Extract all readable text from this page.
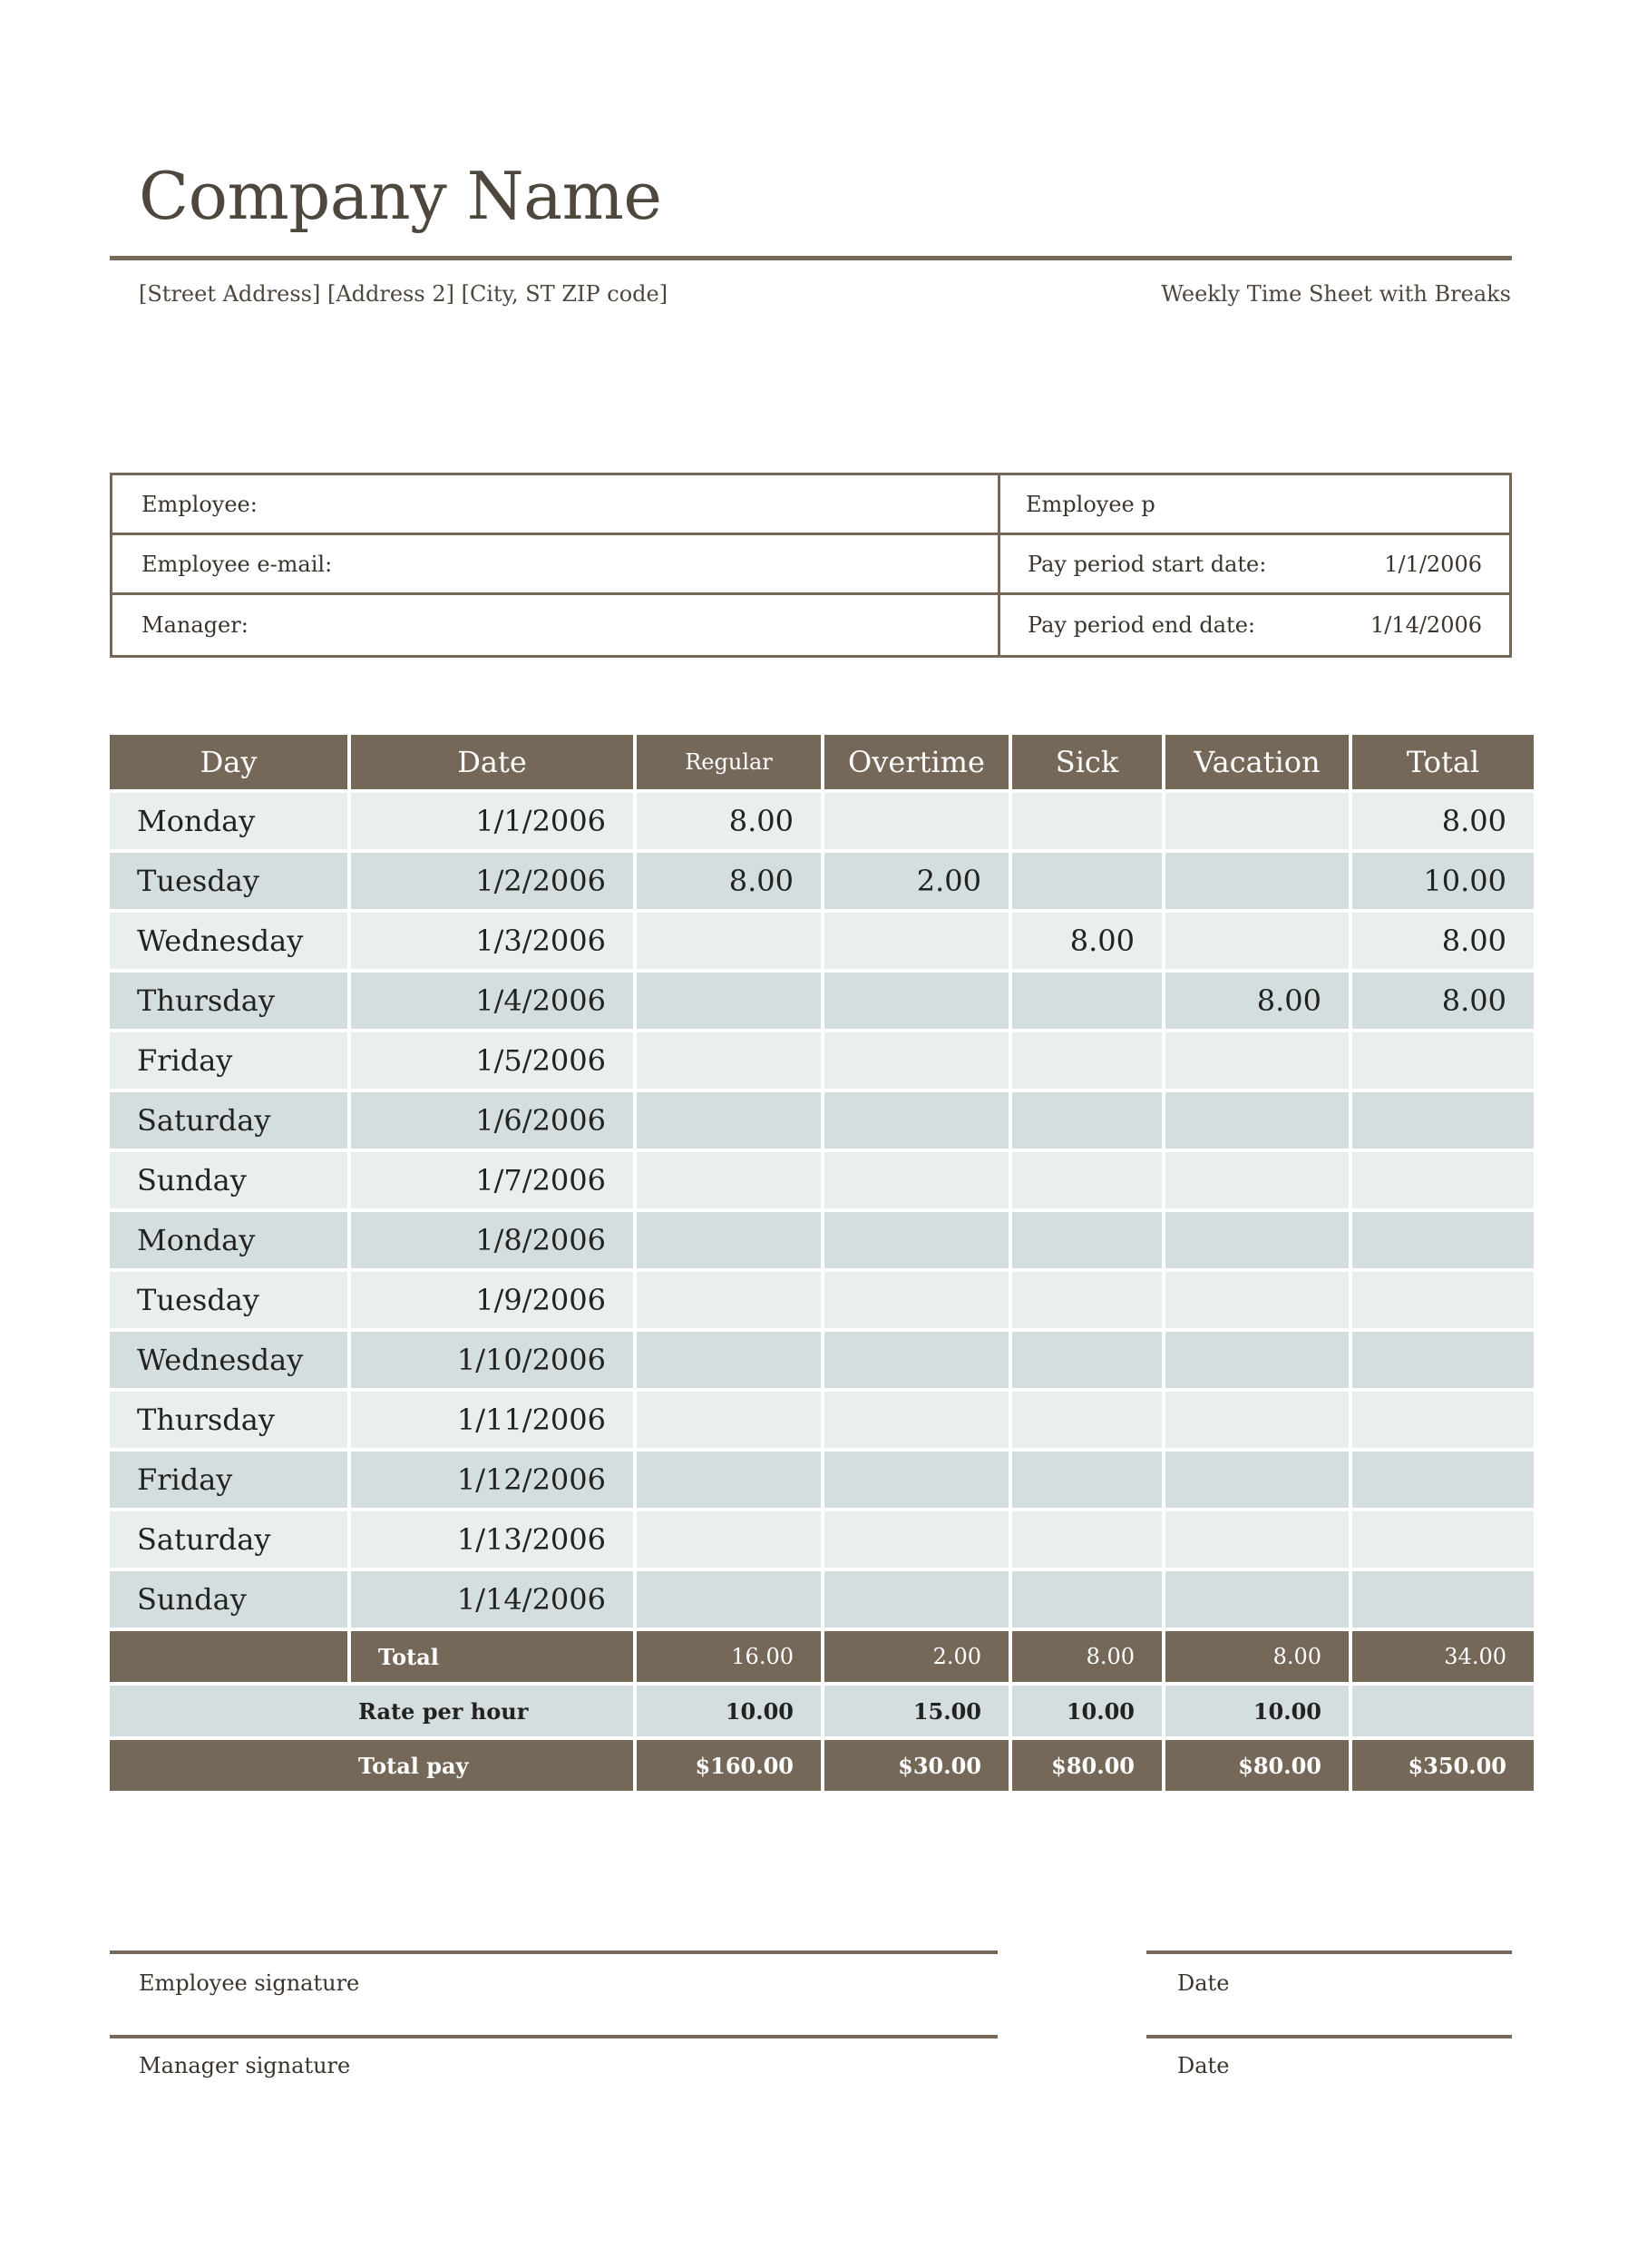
Company Name
[Street Address] [Address 2] [City, ST ZIP code]	Weekly Time Sheet with Breaks
Employee:	Employee p
Employee e-mail:	Pay period start date:	1/1/2006
Manager:	Pay period end date:	1/14/2006
Day	Date	Regular	Overtime	Sick	Vacation	Total
Monday	1/1/2006	8.00				8.00
Tuesday	1/2/2006	8.00	2.00			10.00
Wednesday	1/3/2006			8.00		8.00
Thursday	1/4/2006				8.00	8.00
Friday	1/5/2006					
Saturday	1/6/2006					
Sunday	1/7/2006					
Monday	1/8/2006					
Tuesday	1/9/2006					
Wednesday	1/10/2006					
Thursday	1/11/2006					
Friday	1/12/2006					
Saturday	1/13/2006					
Sunday	1/14/2006					
	Total	16.00	2.00	8.00	8.00	34.00
Rate per hour		10.00	15.00	10.00	10.00	
Total pay		$160.00	$30.00	$80.00	$80.00	$350.00
Employee signature	Date
Manager signature	Date
